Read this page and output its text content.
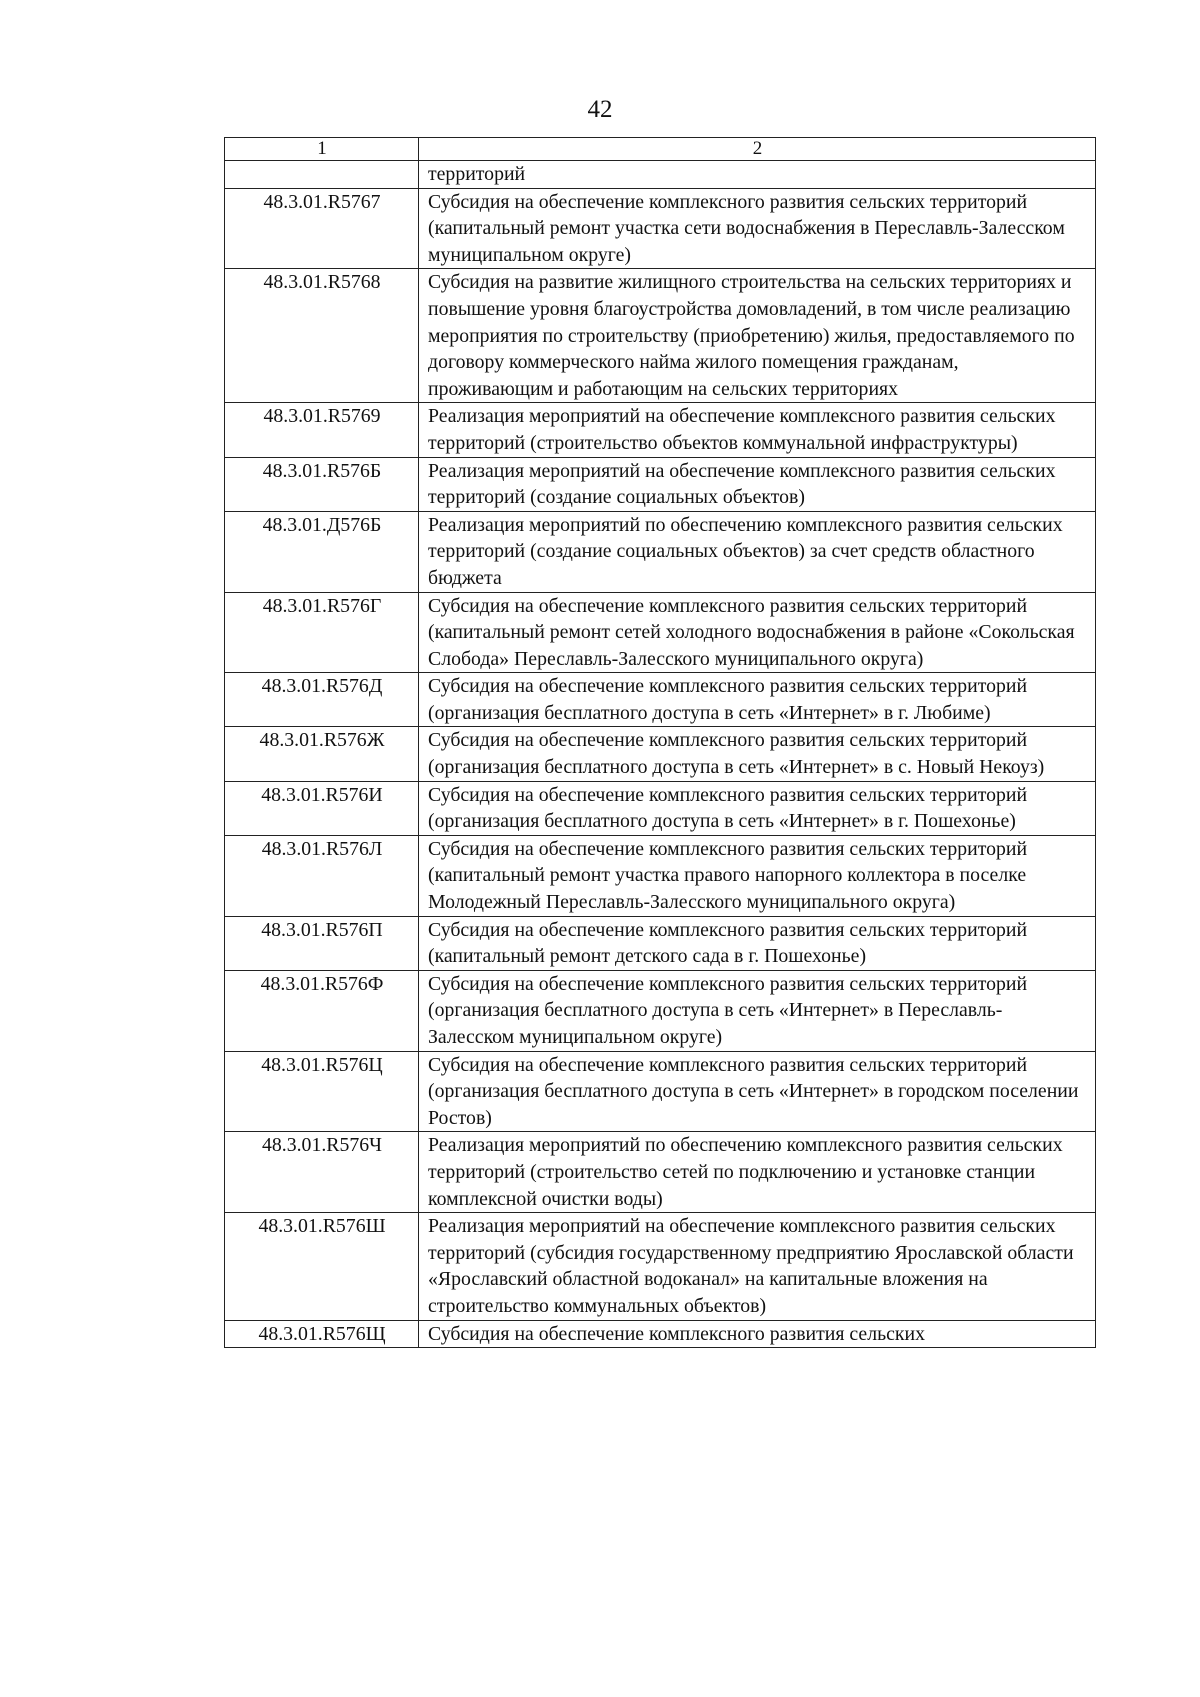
42
1	2
	территорий
48.3.01.R5767	Субсидия на обеспечение комплексного развития сельских территорий (капитальный ремонт участка сети водоснабжения в Переславль-Залесском муниципальном округе)
48.3.01.R5768	Субсидия на развитие жилищного строительства на сельских территориях и повышение уровня благоустройства домовладений, в том числе реализацию мероприятия по строительству (приобретению) жилья, предоставляемого по договору коммерческого найма жилого помещения гражданам, проживающим и работающим на сельских территориях
48.3.01.R5769	Реализация мероприятий на обеспечение комплексного развития сельских территорий (строительство объектов коммунальной инфраструктуры)
48.3.01.R576Б	Реализация мероприятий на обеспечение комплексного развития сельских территорий (создание социальных объектов)
48.3.01.Д576Б	Реализация мероприятий по обеспечению комплексного развития сельских территорий (создание социальных объектов) за счет средств областного бюджета
48.3.01.R576Г	Субсидия на обеспечение комплексного развития сельских территорий (капитальный ремонт сетей холодного водоснабжения в районе «Сокольская Слобода» Переславль-Залесского муниципального округа)
48.3.01.R576Д	Субсидия на обеспечение комплексного развития сельских территорий (организация бесплатного доступа в сеть «Интернет» в г. Любиме)
48.3.01.R576Ж	Субсидия на обеспечение комплексного развития сельских территорий (организация бесплатного доступа в сеть «Интернет» в с. Новый Некоуз)
48.3.01.R576И	Субсидия на обеспечение комплексного развития сельских территорий (организация бесплатного доступа в сеть «Интернет» в г. Пошехонье)
48.3.01.R576Л	Субсидия на обеспечение комплексного развития сельских территорий (капитальный ремонт участка правого напорного коллектора в поселке Молодежный Переславль-Залесского муниципального округа)
48.3.01.R576П	Субсидия на обеспечение комплексного развития сельских территорий (капитальный ремонт детского сада в г. Пошехонье)
48.3.01.R576Ф	Субсидия на обеспечение комплексного развития сельских территорий (организация бесплатного доступа в сеть «Интернет» в Переславль-Залесском муниципальном округе)
48.3.01.R576Ц	Субсидия на обеспечение комплексного развития сельских территорий (организация бесплатного доступа в сеть «Интернет» в городском поселении Ростов)
48.3.01.R576Ч	Реализация мероприятий по обеспечению комплексного развития сельских территорий (строительство сетей по подключению и установке станции комплексной очистки воды)
48.3.01.R576Ш	Реализация мероприятий на обеспечение комплексного развития сельских территорий (субсидия государственному предприятию Ярославской области «Ярославский областной водоканал» на капитальные вложения на строительство коммунальных объектов)
48.3.01.R576Щ	Субсидия на обеспечение комплексного развития сельских
